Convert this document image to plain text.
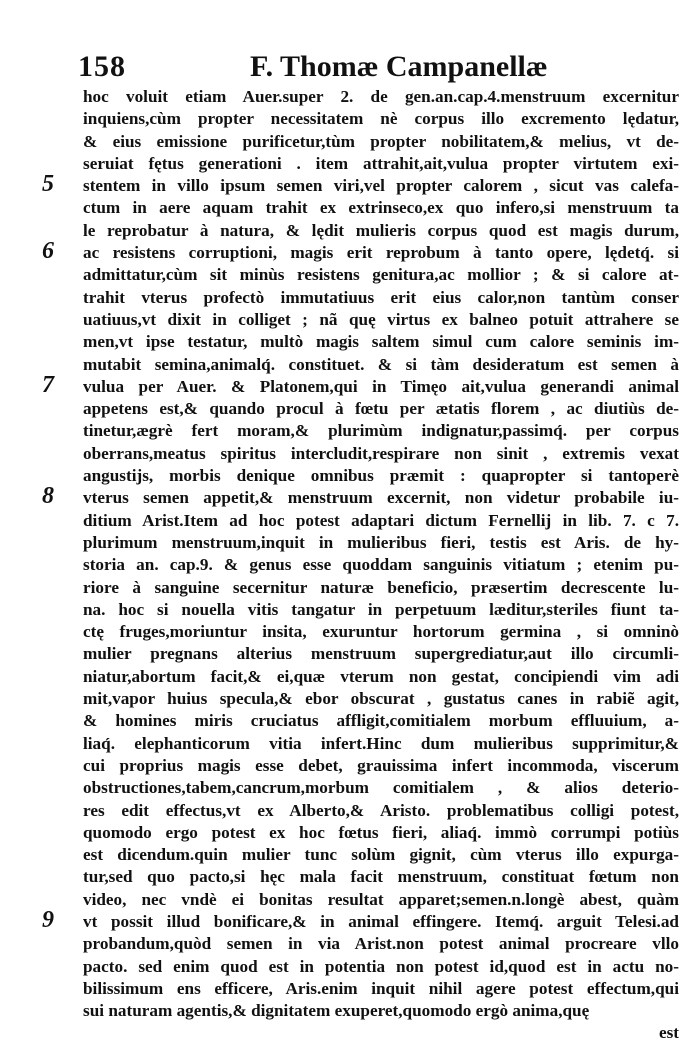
158	F. Thomæ Campanellæ
5
6
7
8
9
hoc voluit etiam Auer.super 2. de gen.an.cap.4.menstruum excernitur
inquiens,cùm propter necessitatem nè corpus illo excremento lędatur,
& eius emissione purificetur,tùm propter nobilitatem,& melius, vt de-
seruiat fętus generationi . item attrahit,ait,vulua propter virtutem exi-
stentem in villo ipsum semen viri,vel propter calorem , sicut vas calefa-
ctum in aere aquam trahit ex extrinseco,ex quo infero,si menstruum ta
le reprobatur à natura, & lędit mulieris corpus quod est magis durum,
ac resistens corruptioni, magis erit reprobum à tanto opere, lędetq́. si
admittatur,cùm sit minùs resistens genitura,ac mollior ; & si calore at-
trahit vterus profectò immutatiuus erit eius calor,non tantùm conser
uatiuus,vt dixit in colliget ; nã quę virtus ex balneo potuit attrahere se
men,vt ipse testatur, multò magis saltem simul cum calore seminis im-
mutabit semina,animalq́. constituet. & si tàm desideratum est semen à
vulua per Auer. & Platonem,qui in Timęo ait,vulua generandi animal
appetens est,& quando procul à fœtu per ætatis florem , ac diutiùs de-
tinetur,ægrè fert moram,& plurimùm indignatur,passimq́. per corpus
oberrans,meatus spiritus intercludit,respirare non sinit , extremis vexat
angustijs, morbis denique omnibus præmit : quapropter si tantoperè
vterus semen appetit,& menstruum excernit, non videtur probabile iu-
ditium Arist.Item ad hoc potest adaptari dictum Fernellij in lib. 7. c 7.
plurimum menstruum,inquit in mulieribus fieri, testis est Aris. de hy-
storia an. cap.9. & genus esse quoddam sanguinis vitiatum ; etenim pu-
riore à sanguine secernitur naturæ beneficio, præsertim decrescente lu-
na. hoc si nouella vitis tangatur in perpetuum læditur,steriles fiunt ta-
ctę fruges,moriuntur insita, exuruntur hortorum germina , si omninò
mulier pregnans alterius menstruum supergrediatur,aut illo circumli-
niatur,abortum facit,& ei,quæ vterum non gestat, concipiendi vim adi
mit,vapor huius specula,& ebor obscurat , gustatus canes in rabiẽ agit,
& homines miris cruciatus affligit,comitialem morbum effluuium, a-
liaq́. elephanticorum vitia infert.Hinc dum mulieribus supprimitur,&
cui proprius magis esse debet, grauissima infert incommoda, viscerum
obstructiones,tabem,cancrum,morbum comitialem , & alios deterio-
res edit effectus,vt ex Alberto,& Aristo. problematibus colligi potest,
quomodo ergo potest ex hoc fœtus fieri, aliaq́. immò corrumpi potiùs
est dicendum.quin mulier tunc solùm gignit, cùm vterus illo expurga-
tur,sed quo pacto,si hęc mala facit menstruum, constituat fœtum non
video, nec vndè ei bonitas resultat apparet;semen.n.longè abest, quàm
vt possit illud bonificare,& in animal effingere. Itemq́. arguit Telesi.ad
probandum,quòd semen in via Arist.non potest animal procreare vllo
pacto. sed enim quod est in potentia non potest id,quod est in actu no-
bilissimum ens efficere, Aris.enim inquit nihil agere potest effectum,qui
sui naturam agentis,& dignitatem exuperet,quomodo ergò anima,quę
est
